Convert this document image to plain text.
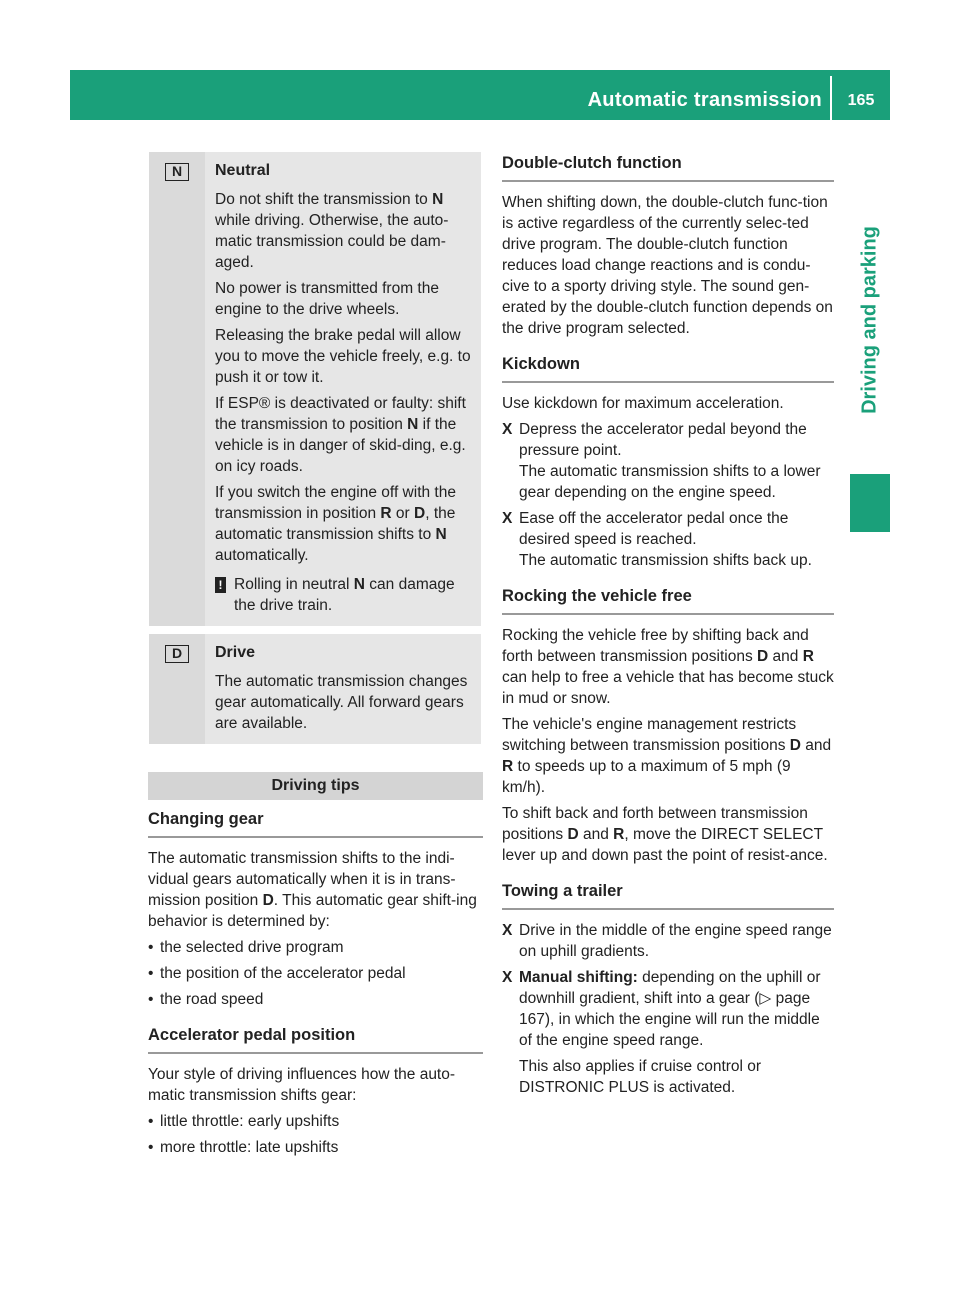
Automatic transmission	165
Driving and parking
N	Neutral

Do not shift the transmission to N while driving. Otherwise, the auto-matic transmission could be dam-aged.

No power is transmitted from the engine to the drive wheels.

Releasing the brake pedal will allow you to move the vehicle freely, e.g. to push it or tow it.

If ESP® is deactivated or faulty: shift the transmission to position N if the vehicle is in danger of skid-ding, e.g. on icy roads.

If you switch the engine off with the transmission in position R or D, the automatic transmission shifts to N automatically.

! Rolling in neutral N can damage the drive train.
D	Drive

The automatic transmission changes gear automatically. All forward gears are available.

Driving tips
Changing gear

The automatic transmission shifts to the indi-vidual gears automatically when it is in trans-mission position D. This automatic gear shift-ing behavior is determined by:

• the selected drive program

• the position of the accelerator pedal

• the road speed

Accelerator pedal position

Your style of driving influences how the auto-matic transmission shifts gear:

• little throttle: early upshifts

• more throttle: late upshifts

Double-clutch function

When shifting down, the double-clutch func-tion is active regardless of the currently selec-ted drive program. The double-clutch function reduces load change reactions and is condu-cive to a sporty driving style. The sound gen-erated by the double-clutch function depends on the drive program selected.

Kickdown

Use kickdown for maximum acceleration.

X Depress the accelerator pedal beyond the pressure point.
The automatic transmission shifts to a lower gear depending on the engine speed.
X Ease off the accelerator pedal once the desired speed is reached.
The automatic transmission shifts back up.
Rocking the vehicle free

Rocking the vehicle free by shifting back and forth between transmission positions D and R can help to free a vehicle that has become stuck in mud or snow.

The vehicle's engine management restricts switching between transmission positions D and R to speeds up to a maximum of 5 mph (9 km/h).

To shift back and forth between transmission positions D and R, move the DIRECT SELECT lever up and down past the point of resist-ance.

Towing a trailer
X Drive in the middle of the engine speed range on uphill gradients.
X Manual shifting: depending on the uphill or downhill gradient, shift into a gear (▷ page 167), in which the engine will run the middle of the engine speed range.

This also applies if cruise control or DISTRONIC PLUS is activated.
